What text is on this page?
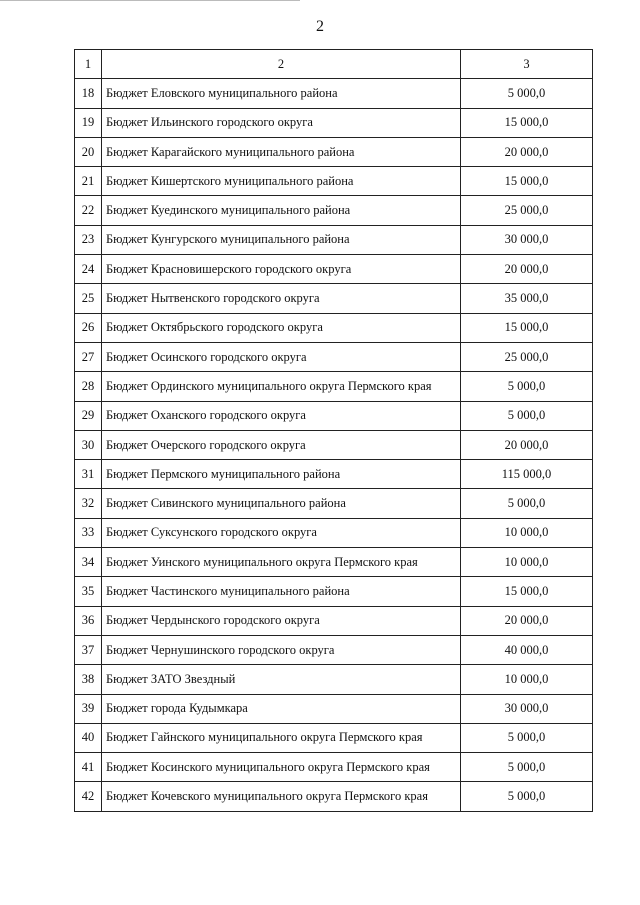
2
1	2	3
18	Бюджет Еловского муниципального района	5 000,0
19	Бюджет Ильинского городского округа	15 000,0
20	Бюджет Карагайского муниципального района	20 000,0
21	Бюджет Кишертского муниципального района	15 000,0
22	Бюджет Куединского муниципального района	25 000,0
23	Бюджет Кунгурского муниципального района	30 000,0
24	Бюджет Красновишерского городского округа	20 000,0
25	Бюджет Нытвенского городского округа	35 000,0
26	Бюджет Октябрьского городского округа	15 000,0
27	Бюджет Осинского городского округа	25 000,0
28	Бюджет Ординского муниципального округа Пермского края	5 000,0
29	Бюджет Оханского городского округа	5 000,0
30	Бюджет Очерского городского округа	20 000,0
31	Бюджет Пермского муниципального района	115 000,0
32	Бюджет Сивинского муниципального района	5 000,0
33	Бюджет Суксунского городского округа	10 000,0
34	Бюджет Уинского муниципального округа Пермского края	10 000,0
35	Бюджет Частинского муниципального района	15 000,0
36	Бюджет Чердынского городского округа	20 000,0
37	Бюджет Чернушинского городского округа	40 000,0
38	Бюджет ЗАТО Звездный	10 000,0
39	Бюджет города Кудымкара	30 000,0
40	Бюджет Гайнского муниципального округа Пермского края	5 000,0
41	Бюджет Косинского муниципального округа Пермского края	5 000,0
42	Бюджет Кочевского муниципального округа Пермского края	5 000,0
